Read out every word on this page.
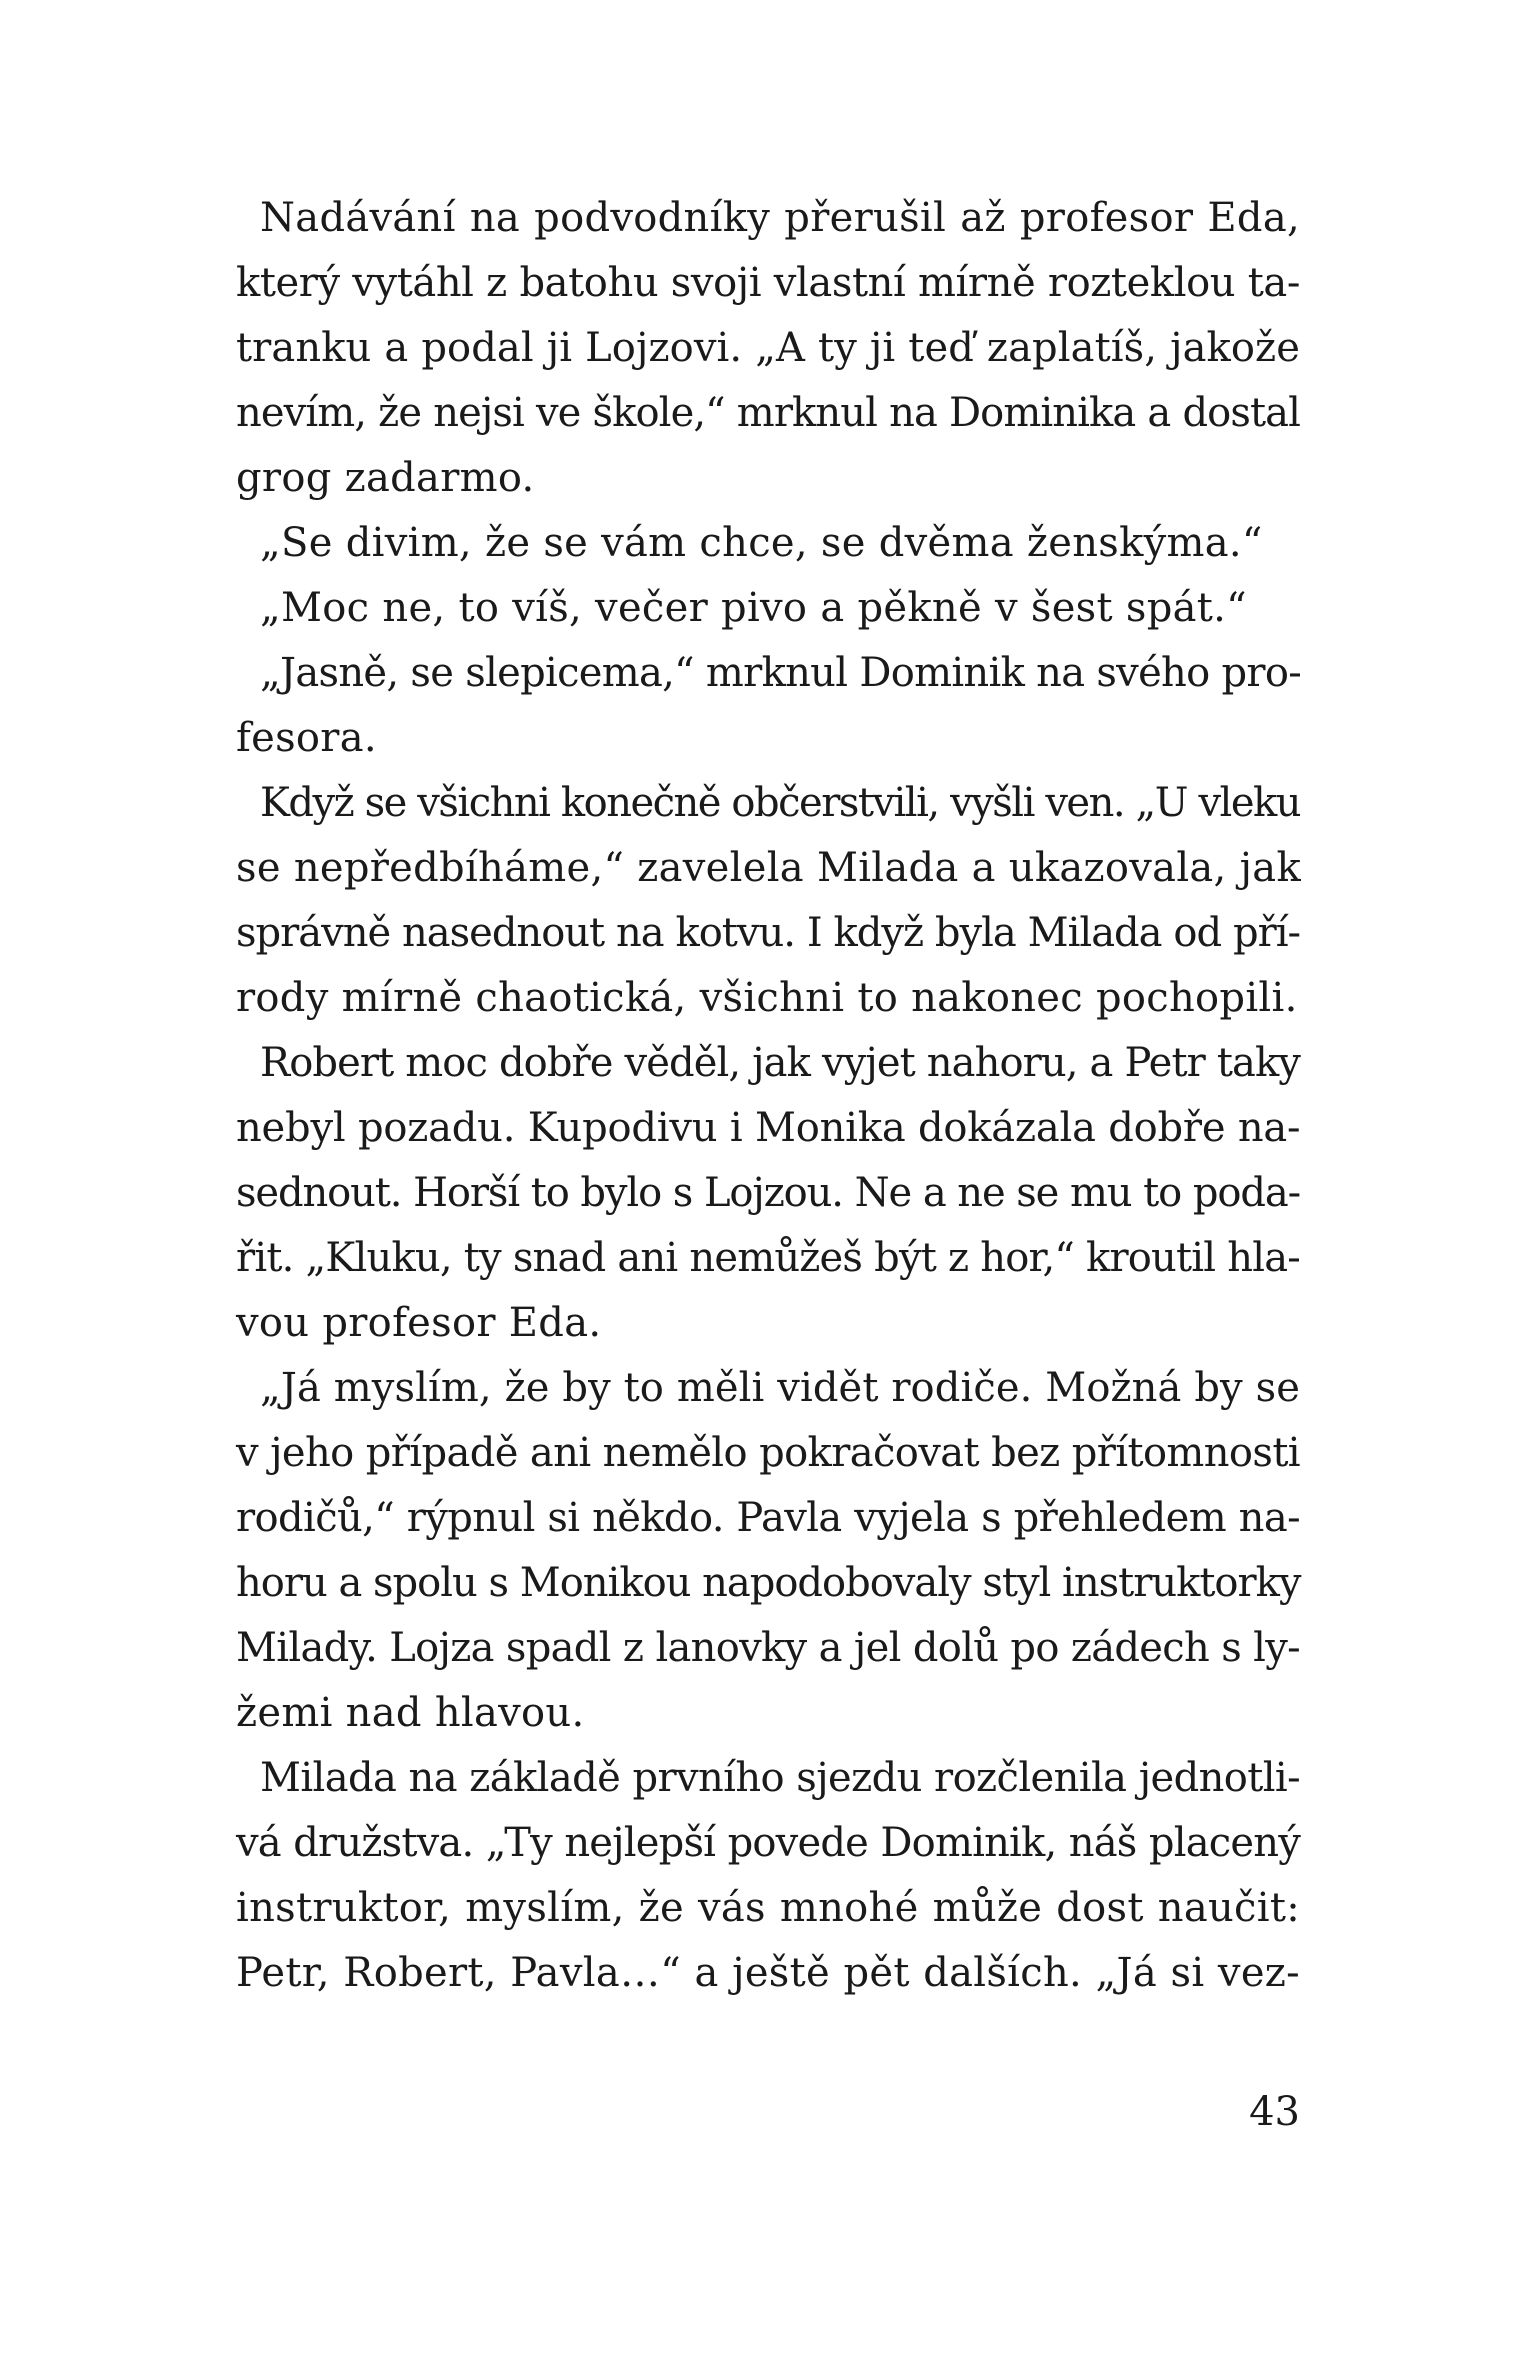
Nadávání na podvodníky přerušil až profesor Eda,
který vytáhl z batohu svoji vlastní mírně rozteklou ta-
tranku a podal ji Lojzovi. „A ty ji teď zaplatíš, jakože
nevím, že nejsi ve škole,“ mrknul na Dominika a dostal
grog zadarmo.
„Se divim, že se vám chce, se dvěma ženskýma.“
„Moc ne, to víš, večer pivo a pěkně v šest spát.“
„Jasně, se slepicema,“ mrknul Dominik na svého pro-
fesora.
Když se všichni konečně občerstvili, vyšli ven. „U vleku
se nepředbíháme,“ zavelela Milada a ukazovala, jak
správně nasednout na kotvu. I když byla Milada od pří-
rody mírně chaotická, všichni to nakonec pochopili.
Robert moc dobře věděl, jak vyjet nahoru, a Petr taky
nebyl pozadu. Kupodivu i Monika dokázala dobře na-
sednout. Horší to bylo s Lojzou. Ne a ne se mu to poda-
řit. „Kluku, ty snad ani nemůžeš být z hor,“ kroutil hla-
vou profesor Eda.
„Já myslím, že by to měli vidět rodiče. Možná by se
v jeho případě ani nemělo pokračovat bez přítomnosti
rodičů,“ rýpnul si někdo. Pavla vyjela s přehledem na-
horu a spolu s Monikou napodobovaly styl instruktorky
Milady. Lojza spadl z lanovky a jel dolů po zádech s ly-
žemi nad hlavou.
Milada na základě prvního sjezdu rozčlenila jednotli-
vá družstva. „Ty nejlepší povede Dominik, náš placený
instruktor, myslím, že vás mnohé může dost naučit:
Petr, Robert, Pavla…“ a ještě pět dalších. „Já si vez-
43
